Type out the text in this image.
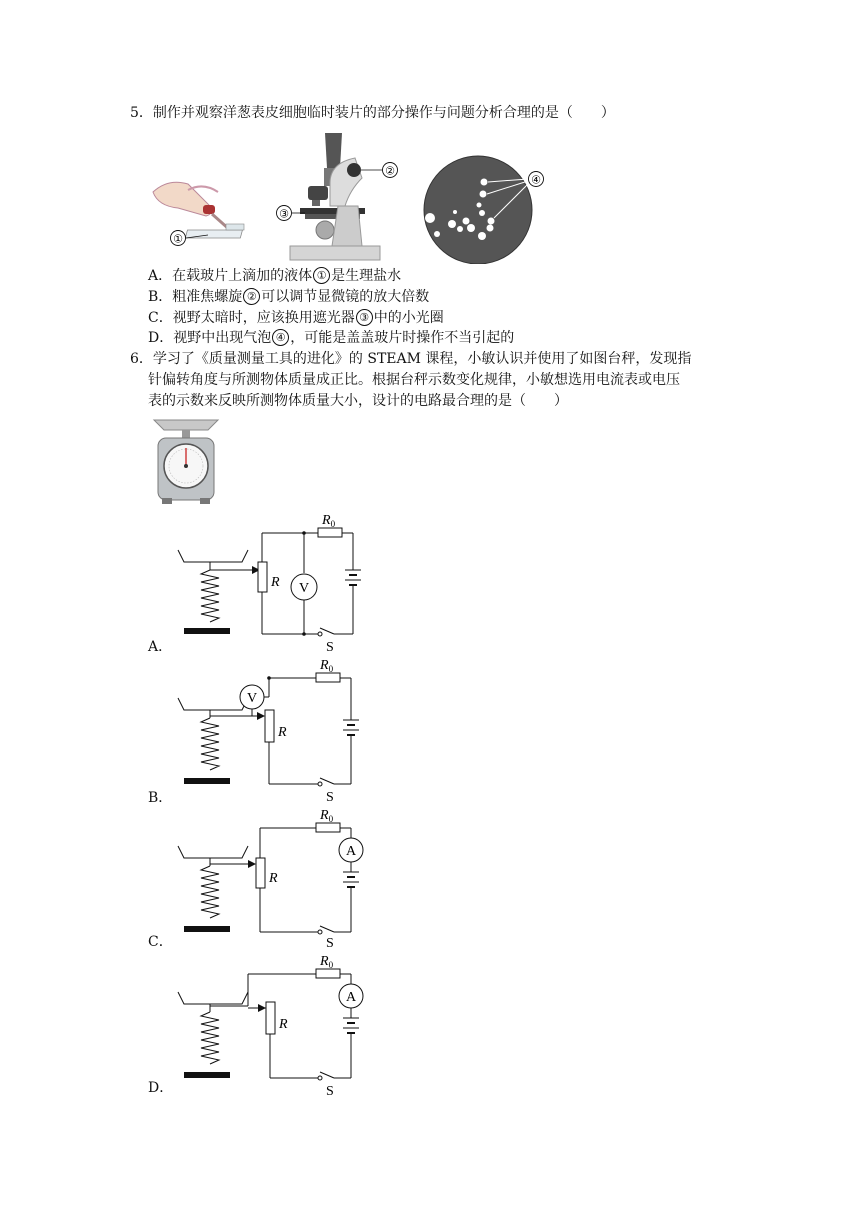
5．制作并观察洋葱表皮细胞临时装片的部分操作与问题分析合理的是（　　）
①
②
③
④
A．在载玻片上滴加的液体 ① 是生理盐水
B．粗准焦螺旋 ② 可以调节显微镜的放大倍数
C．视野太暗时，应该换用遮光器 ③ 中的小光圈
D．视野中出现气泡 ④ ，可能是盖盖玻片时操作不当引起的
6．学习了《质量测量工具的进化》的 STEAM 课程，小敏认识并使用了如图台秤，发现指
针偏转角度与所测物体质量成正比。根据台秤示数变化规律，小敏想选用电流表或电压
表的示数来反映所测物体质量大小，设计的电路最合理的是（　　）
R
$R_0$
S
V
A．
R
V
$R_0$
S
B．
R
$R_0$
A
S
C．
R
$R_0$
A
S
D．
